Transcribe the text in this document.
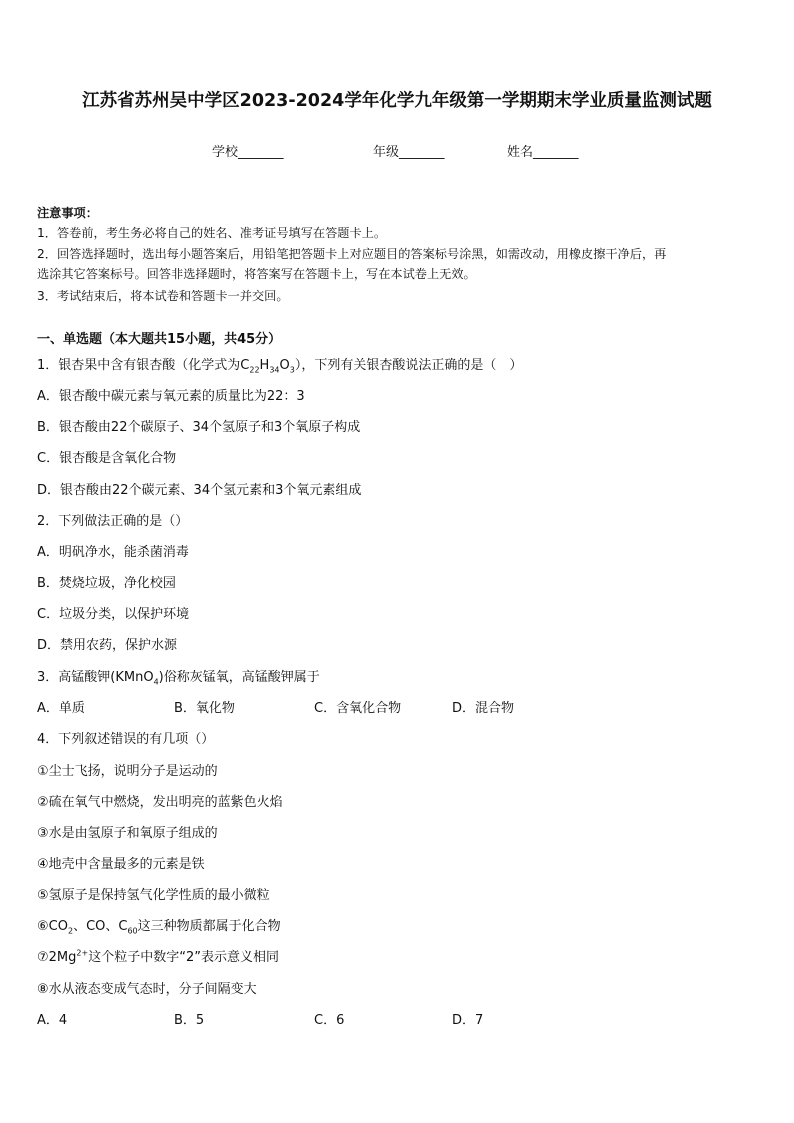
江苏省苏州吴中学区2023-2024学年化学九年级第一学期期末学业质量监测试题
学校_______	年级_______	姓名_______
注意事项：
1．答卷前，考生务必将自己的姓名、准考证号填写在答题卡上。
2．回答选择题时，选出每小题答案后，用铅笔把答题卡上对应题目的答案标号涂黑，如需改动，用橡皮擦干净后，再
选涂其它答案标号。回答非选择题时，将答案写在答题卡上，写在本试卷上无效。
3．考试结束后，将本试卷和答题卡一并交回。
一、单选题（本大题共15小题，共45分）
1．银杏果中含有银杏酸（化学式为$C_{22}H_{34}O_3$），下列有关银杏酸说法正确的是（　）
A．银杏酸中碳元素与氧元素的质量比为22：3
B．银杏酸由22个碳原子、34个氢原子和3个氧原子构成
C．银杏酸是含氧化合物
D．银杏酸由22个碳元素、34个氢元素和3个氧元素组成
2．下列做法正确的是（）
A．明矾净水，能杀菌消毒
B．焚烧垃圾，净化校园
C．垃圾分类，以保护环境
D．禁用农药，保护水源
3．高锰酸钾(KMnO$_4$)俗称灰锰氧，高锰酸钾属于
A．单质	B．氧化物	C．含氧化合物	D．混合物
4．下列叙述错误的有几项（）
①尘士飞扬，说明分子是运动的
②硫在氧气中燃烧，发出明亮的蓝紫色火焰
③水是由氢原子和氧原子组成的
④地壳中含量最多的元素是铁
⑤氢原子是保持氢气化学性质的最小微粒
$⑥CO_2$、CO、$C_{60}$这三种物质都属于化合物
$⑦2Mg^{2+}$这个粒子中数字“2”表示意义相同
⑧水从液态变成气态时，分子间隔变大
A．4	B．5	C．6	D．7
